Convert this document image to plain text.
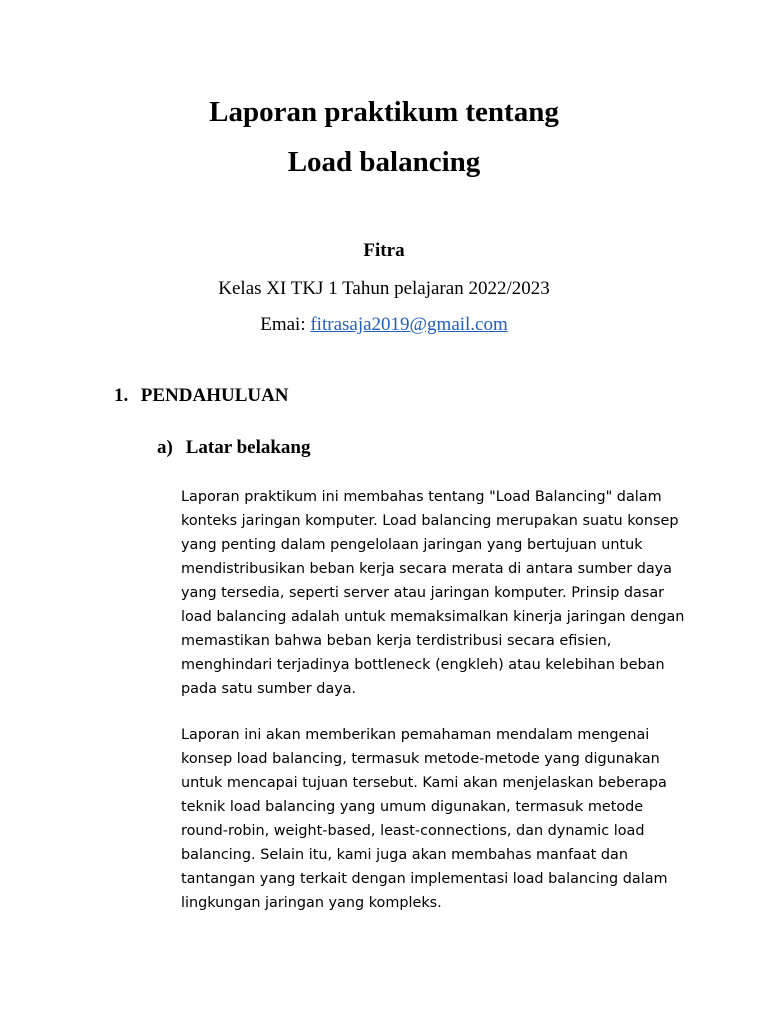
Laporan praktikum tentang
Load balancing
Fitra
Kelas XI TKJ 1 Tahun pelajaran 2022/2023
Emai: fitrasaja2019@gmail.com
1. PENDAHULUAN
a) Latar belakang

Laporan praktikum ini membahas tentang "Load Balancing" dalam
konteks jaringan komputer. Load balancing merupakan suatu konsep
yang penting dalam pengelolaan jaringan yang bertujuan untuk
mendistribusikan beban kerja secara merata di antara sumber daya
yang tersedia, seperti server atau jaringan komputer. Prinsip dasar
load balancing adalah untuk memaksimalkan kinerja jaringan dengan
memastikan bahwa beban kerja terdistribusi secara efisien,
menghindari terjadinya bottleneck (engkleh) atau kelebihan beban
pada satu sumber daya.

Laporan ini akan memberikan pemahaman mendalam mengenai
konsep load balancing, termasuk metode-metode yang digunakan
untuk mencapai tujuan tersebut. Kami akan menjelaskan beberapa
teknik load balancing yang umum digunakan, termasuk metode
round-robin, weight-based, least-connections, dan dynamic load
balancing. Selain itu, kami juga akan membahas manfaat dan
tantangan yang terkait dengan implementasi load balancing dalam
lingkungan jaringan yang kompleks.
